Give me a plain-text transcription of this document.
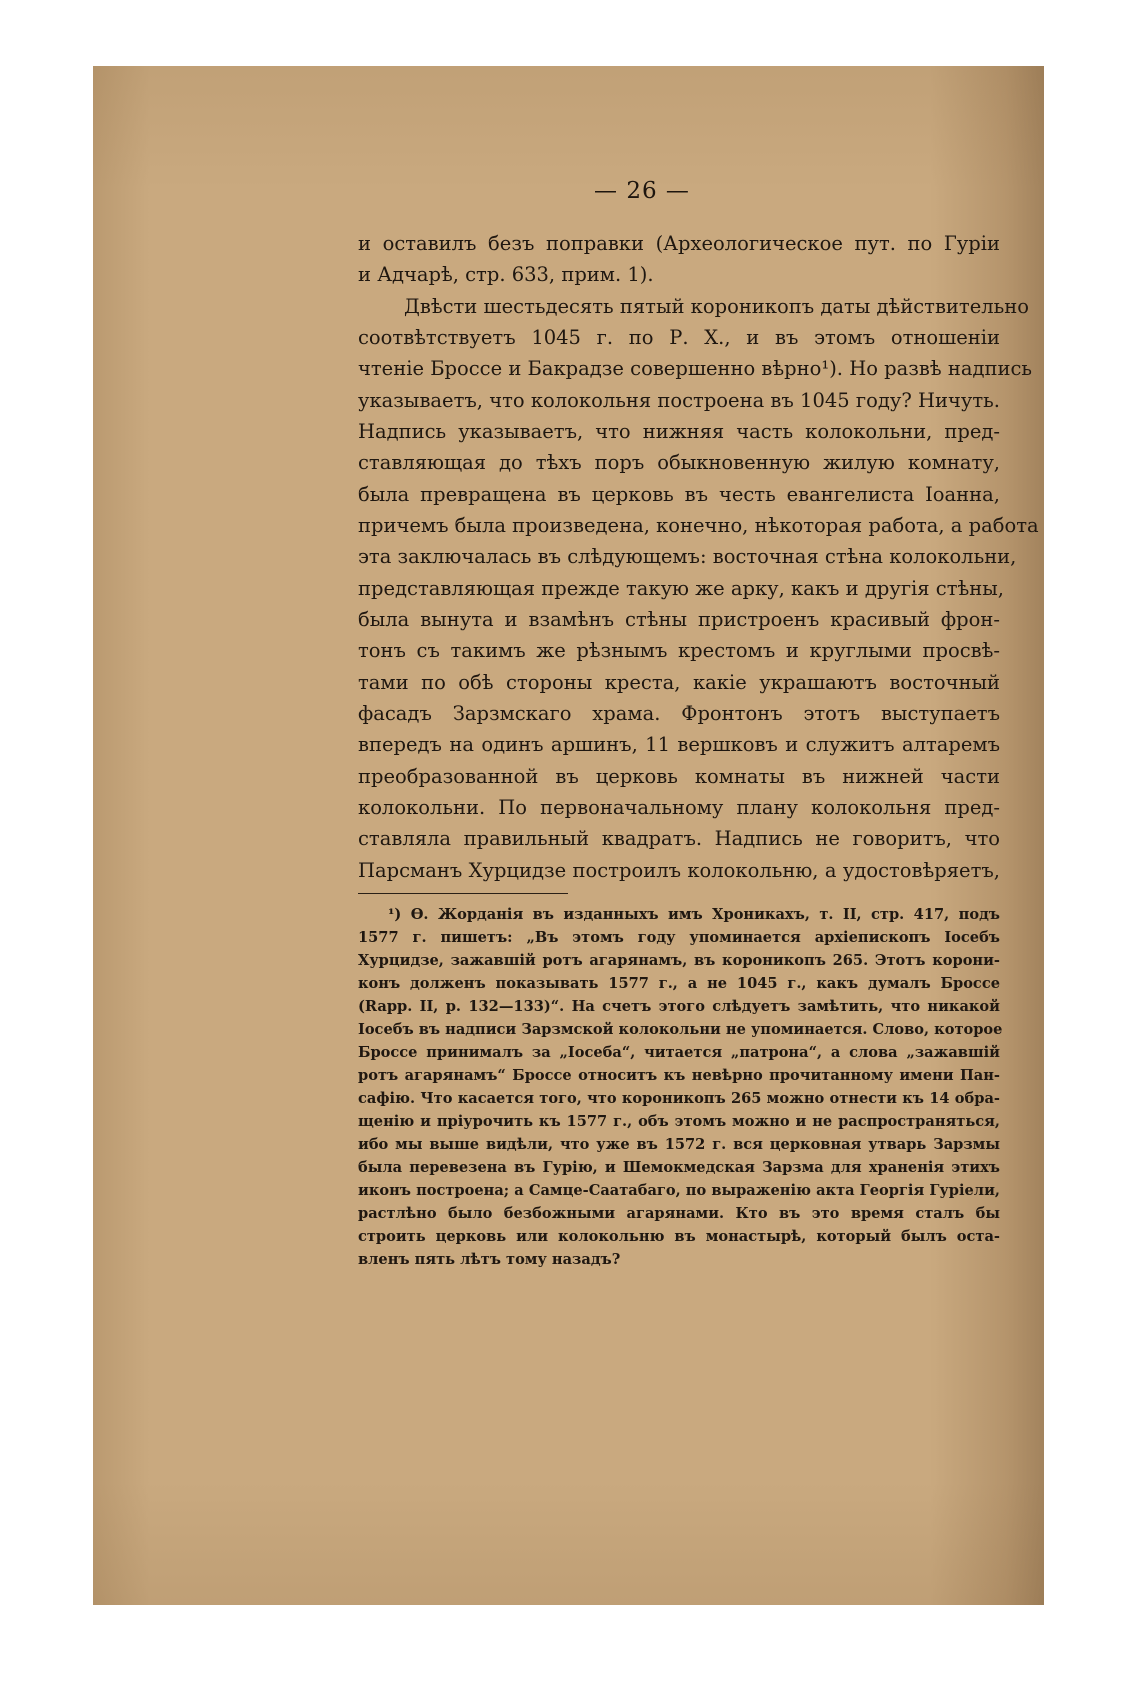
— 26 —
и оставилъ безъ поправки (Археологическое пут. по Гуріи
и Адчарѣ, стр. 633, прим. 1).
Двѣсти шестьдесять пятый короникопъ даты дѣйствительно
соотвѣтствуетъ 1045 г. по Р. Х., и въ этомъ отношеніи
чтеніе Броссе и Бакрадзе совершенно вѣрно¹). Но развѣ надпись
указываетъ, что колокольня построена въ 1045 году? Ничуть.
Надпись указываетъ, что нижняя часть колокольни, пред-
ставляющая до тѣхъ поръ обыкновенную жилую комнату,
была превращена въ церковь въ честь евангелиста Іоанна,
причемъ была произведена, конечно, нѣкоторая работа, а работа
эта заключалась въ слѣдующемъ: восточная стѣна колокольни,
представляющая прежде такую же арку, какъ и другія стѣны,
была вынута и взамѣнъ стѣны пристроенъ красивый фрон-
тонъ съ такимъ же рѣзнымъ крестомъ и круглыми просвѣ-
тами по обѣ стороны креста, какіе украшаютъ восточный
фасадъ Зарзмскаго храма. Фронтонъ этотъ выступаетъ
впередъ на одинъ аршинъ, 11 вершковъ и служитъ алтаремъ
преобразованной въ церковь комнаты въ нижней части
колокольни. По первоначальному плану колокольня пред-
ставляла правильный квадратъ. Надпись не говоритъ, что
Парсманъ Хурцидзе построилъ колокольню, а удостовѣряетъ,
¹) Ѳ. Жорданія въ изданныхъ имъ Хроникахъ, т. II, стр. 417, подъ
1577 г. пишетъ: „Въ этомъ году упоминается архіепископъ Іосебъ
Хурцидзе, зажавшій ротъ агарянамъ, въ короникопъ 265. Этотъ корони-
конъ долженъ показывать 1577 г., а не 1045 г., какъ думалъ Броссе
(Rapp. II, p. 132—133)“. На счетъ этого слѣдуетъ замѣтить, что никакой
Іосебъ въ надписи Зарзмской колокольни не упоминается. Слово, которое
Броссе принималъ за „Іосеба“, читается „патрона“, а слова „зажавшій
ротъ агарянамъ“ Броссе относитъ къ невѣрно прочитанному имени Пан-
сафію. Что касается того, что короникопъ 265 можно отнести къ 14 обра-
щенію и пріурочить къ 1577 г., объ этомъ можно и не распространяться,
ибо мы выше видѣли, что уже въ 1572 г. вся церковная утварь Зарзмы
была перевезена въ Гурію, и Шемокмедская Зарзма для храненія этихъ
иконъ построена; а Самце-Саатабаго, по выраженію акта Георгія Гуріели,
растлѣно было безбожными агарянами. Кто въ это время сталъ бы
строить церковь или колокольню въ монастырѣ, который былъ оста-
вленъ пять лѣтъ тому назадъ?
